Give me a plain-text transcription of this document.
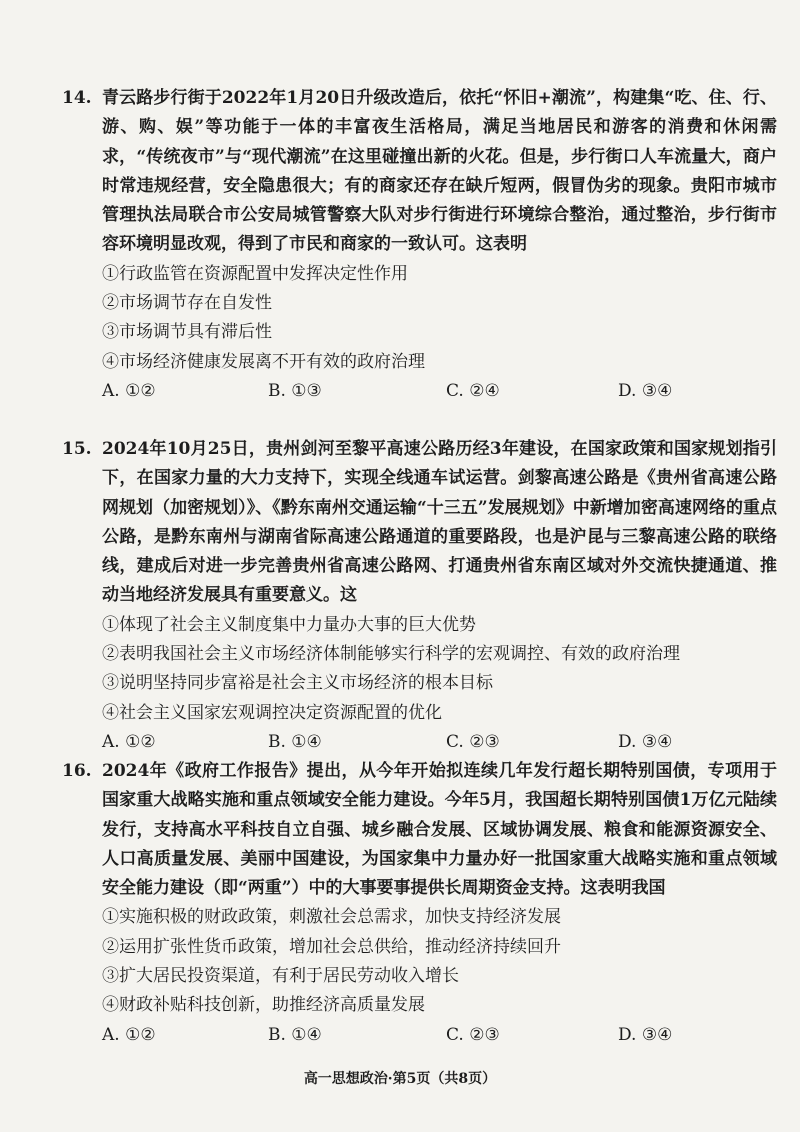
14. 青云路步行街于2022年1月20日升级改造后，依托“怀旧+潮流”，构建集“吃、住、行、游、购、娱”等功能于一体的丰富夜生活格局，满足当地居民和游客的消费和休闲需求，“传统夜市”与“现代潮流”在这里碰撞出新的火花。但是，步行街口人车流量大，商户时常违规经营，安全隐患很大；有的商家还存在缺斤短两，假冒伪劣的现象。贵阳市城市管理执法局联合市公安局城管警察大队对步行街进行环境综合整治，通过整治，步行街市容环境明显改观，得到了市民和商家的一致认可。这表明
①行政监管在资源配置中发挥决定性作用
②市场调节存在自发性
③市场调节具有滞后性
④市场经济健康发展离不开有效的政府治理
A. ①②	B. ①③	C. ②④	D. ③④
15. 2024年10月25日，贵州剑河至黎平高速公路历经3年建设，在国家政策和国家规划指引下，在国家力量的大力支持下，实现全线通车试运营。剑黎高速公路是《贵州省高速公路网规划（加密规划）》、《黔东南州交通运输“十三五”发展规划》中新增加密高速网络的重点公路，是黔东南州与湖南省际高速公路通道的重要路段，也是沪昆与三黎高速公路的联络线，建成后对进一步完善贵州省高速公路网、打通贵州省东南区域对外交流快捷通道、推动当地经济发展具有重要意义。这
①体现了社会主义制度集中力量办大事的巨大优势
②表明我国社会主义市场经济体制能够实行科学的宏观调控、有效的政府治理
③说明坚持同步富裕是社会主义市场经济的根本目标
④社会主义国家宏观调控决定资源配置的优化
A. ①②	B. ①④	C. ②③	D. ③④
16. 2024年《政府工作报告》提出，从今年开始拟连续几年发行超长期特别国债，专项用于国家重大战略实施和重点领域安全能力建设。今年5月，我国超长期特别国债1万亿元陆续发行，支持高水平科技自立自强、城乡融合发展、区域协调发展、粮食和能源资源安全、人口高质量发展、美丽中国建设，为国家集中力量办好一批国家重大战略实施和重点领域安全能力建设（即“两重”）中的大事要事提供长周期资金支持。这表明我国
①实施积极的财政政策，刺激社会总需求，加快支持经济发展
②运用扩张性货币政策，增加社会总供给，推动经济持续回升
③扩大居民投资渠道，有利于居民劳动收入增长
④财政补贴科技创新，助推经济高质量发展
A. ①②	B. ①④	C. ②③	D. ③④
高一思想政治·第5页（共8页）
